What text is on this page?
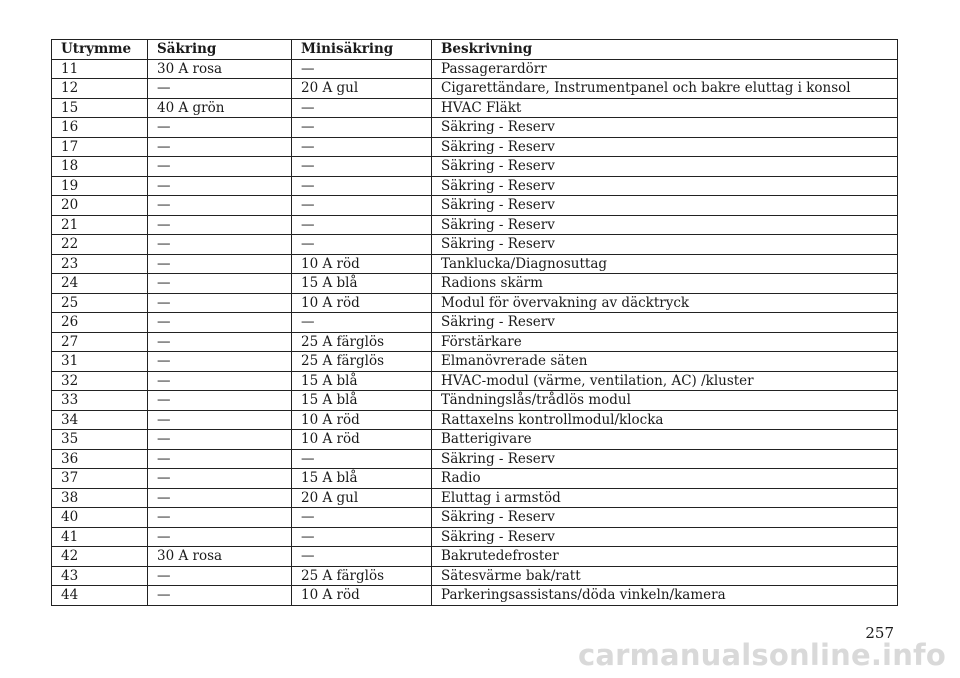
Utrymme	Säkring	Minisäkring	Beskrivning
11	30 A rosa	—	Passagerardörr
12	—	20 A gul	Cigarettändare, Instrumentpanel och bakre eluttag i konsol
15	40 A grön	—	HVAC Fläkt
16	—	—	Säkring - Reserv
17	—	—	Säkring - Reserv
18	—	—	Säkring - Reserv
19	—	—	Säkring - Reserv
20	—	—	Säkring - Reserv
21	—	—	Säkring - Reserv
22	—	—	Säkring - Reserv
23	—	10 A röd	Tanklucka/Diagnosuttag
24	—	15 A blå	Radions skärm
25	—	10 A röd	Modul för övervakning av däcktryck
26	—	—	Säkring - Reserv
27	—	25 A färglös	Förstärkare
31	—	25 A färglös	Elmanövrerade säten
32	—	15 A blå	HVAC-modul (värme, ventilation, AC) /kluster
33	—	15 A blå	Tändningslås/trådlös modul
34	—	10 A röd	Rattaxelns kontrollmodul/klocka
35	—	10 A röd	Batterigivare
36	—	—	Säkring - Reserv
37	—	15 A blå	Radio
38	—	20 A gul	Eluttag i armstöd
40	—	—	Säkring - Reserv
41	—	—	Säkring - Reserv
42	30 A rosa	—	Bakrutedefroster
43	—	25 A färglös	Sätesvärme bak/ratt
44	—	10 A röd	Parkeringsassistans/döda vinkeln/kamera
257
carmanualsonline.info
